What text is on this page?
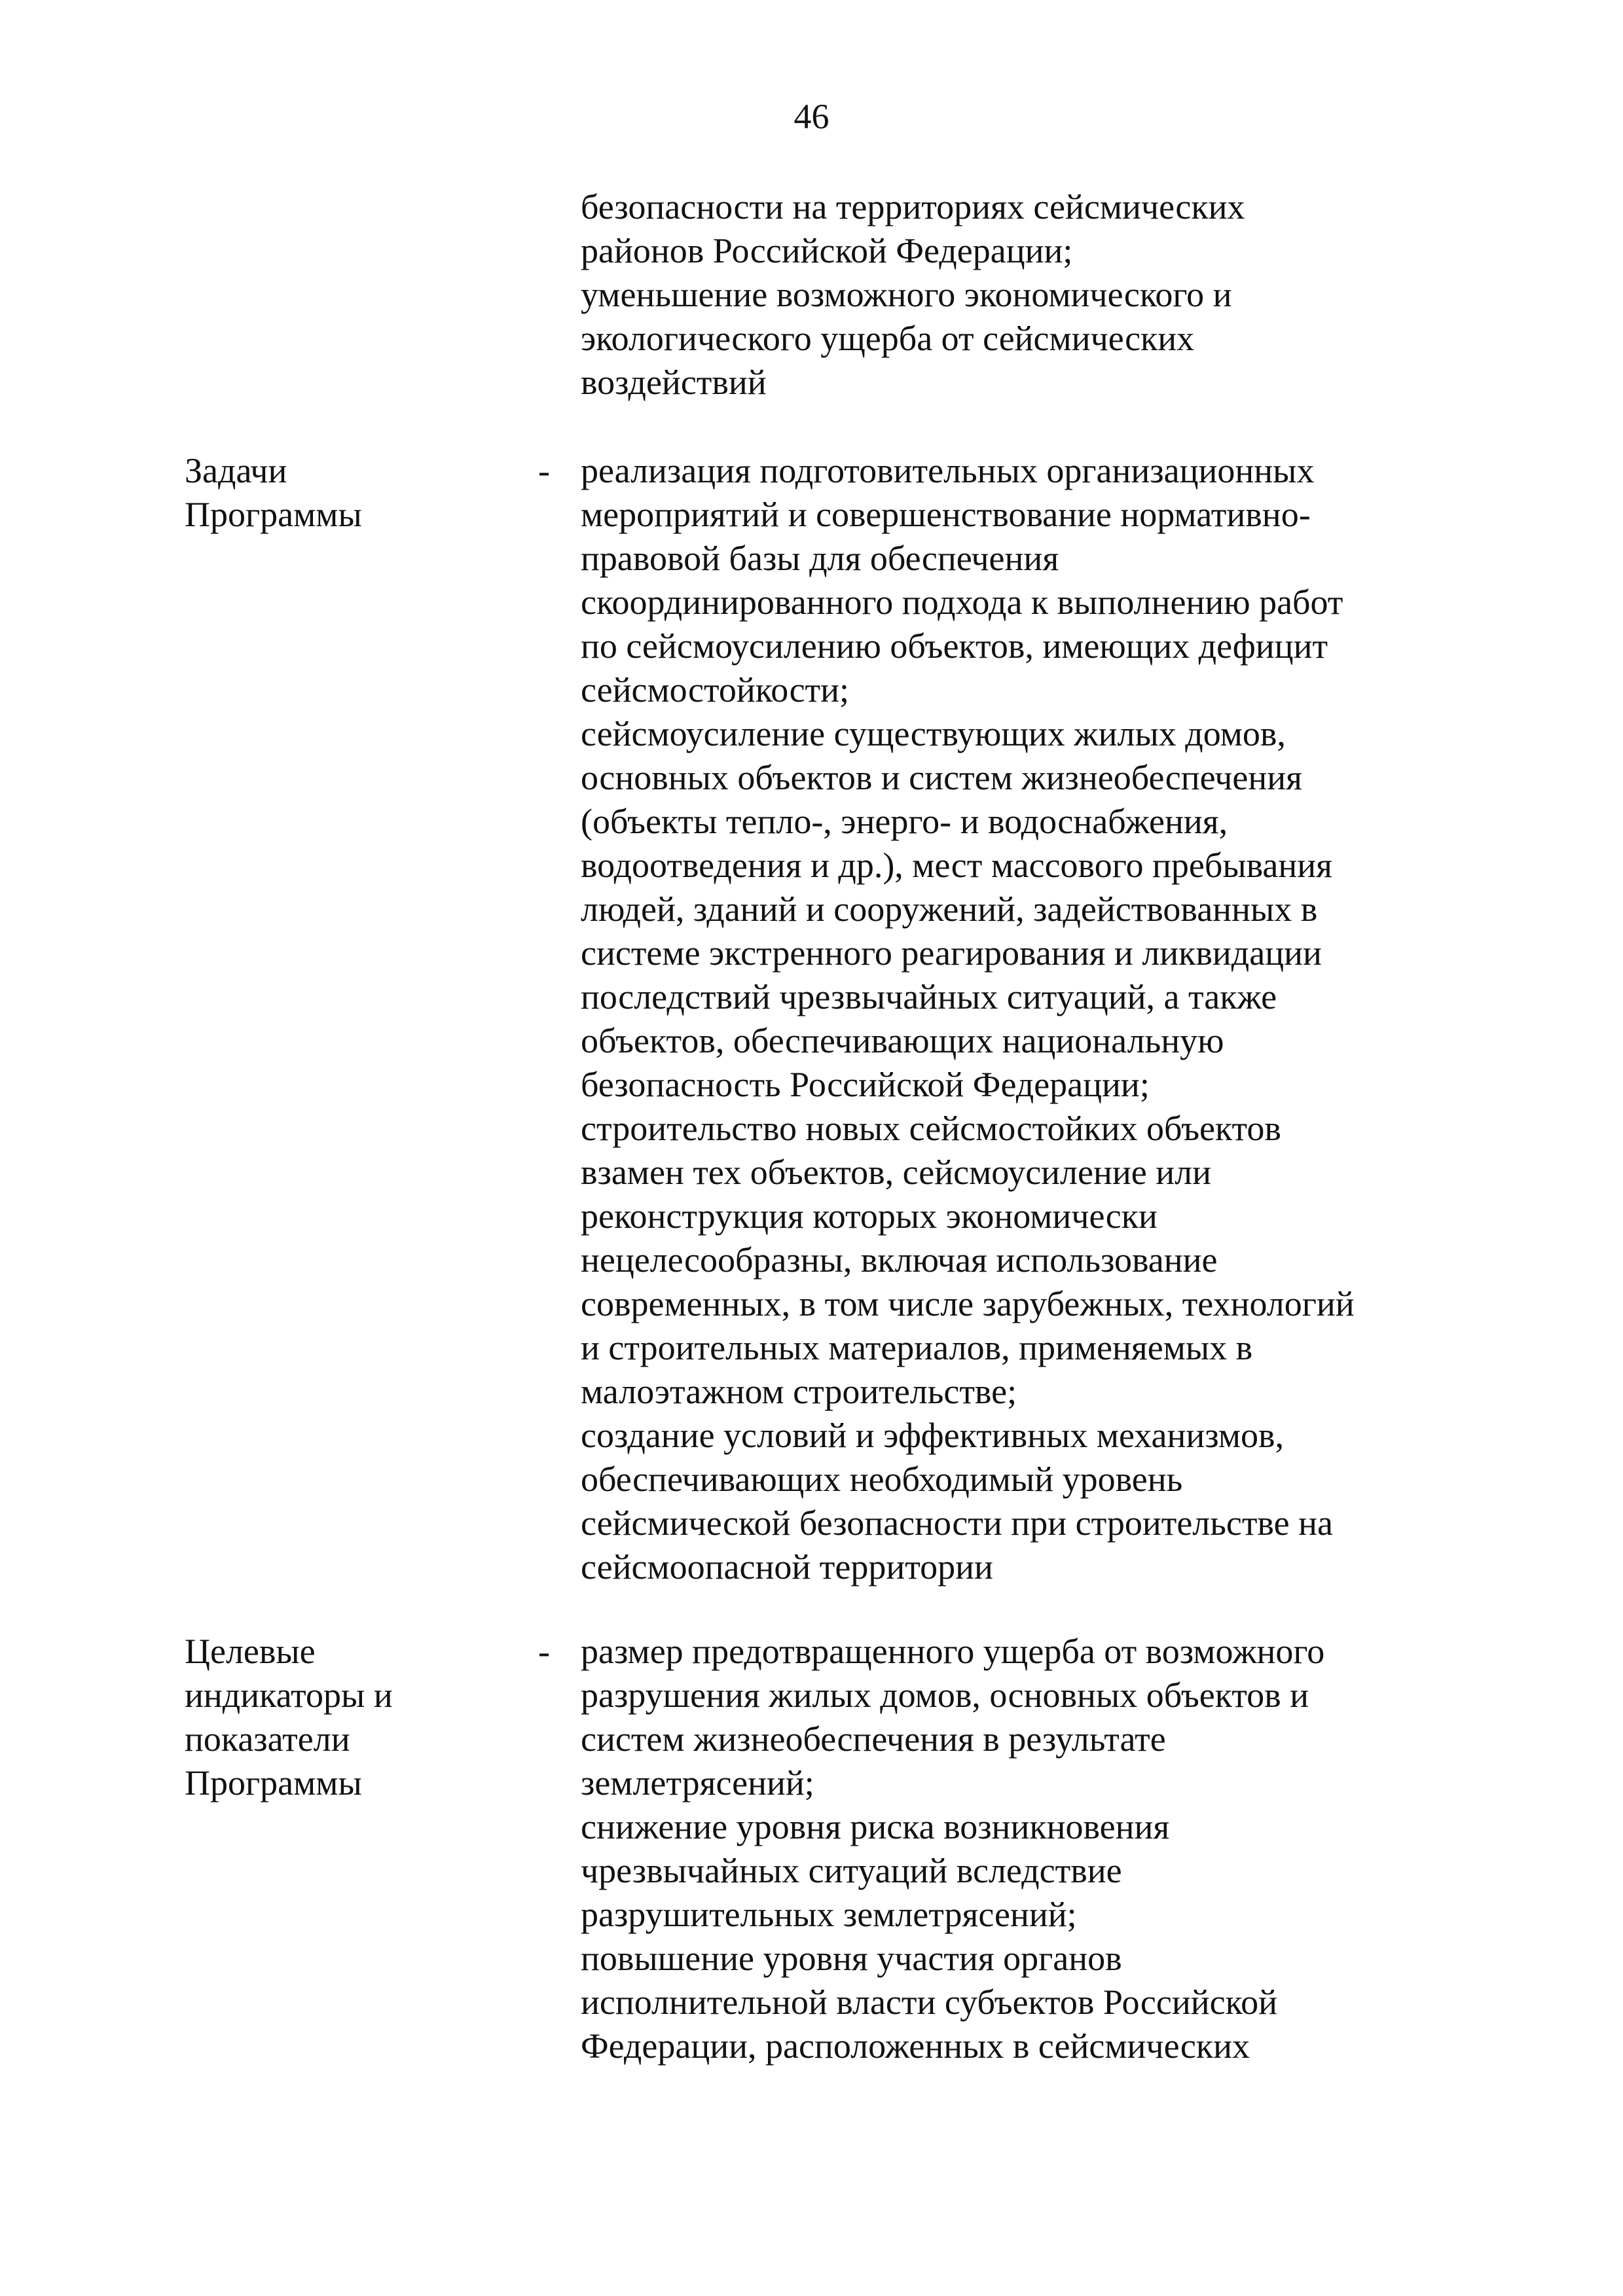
46
безопасности на территориях сейсмических
районов Российской Федерации;
уменьшение возможного экономического и
экологического ущерба от сейсмических
воздействий
Задачи
Программы
- реализация подготовительных организационных
мероприятий и совершенствование нормативно-
правовой базы для обеспечения
скоординированного подхода к выполнению работ
по сейсмоусилению объектов, имеющих дефицит
сейсмостойкости;
сейсмоусиление существующих жилых домов,
основных объектов и систем жизнеобеспечения
(объекты тепло-, энерго- и водоснабжения,
водоотведения и др.), мест массового пребывания
людей, зданий и сооружений, задействованных в
системе экстренного реагирования и ликвидации
последствий чрезвычайных ситуаций, а также
объектов, обеспечивающих национальную
безопасность Российской Федерации;
строительство новых сейсмостойких объектов
взамен тех объектов, сейсмоусиление или
реконструкция которых экономически
нецелесообразны, включая использование
современных, в том числе зарубежных, технологий
и строительных материалов, применяемых в
малоэтажном строительстве;
создание условий и эффективных механизмов,
обеспечивающих необходимый уровень
сейсмической безопасности при строительстве на
сейсмоопасной территории
Целевые
индикаторы и
показатели
Программы
- размер предотвращенного ущерба от возможного
разрушения жилых домов, основных объектов и
систем жизнеобеспечения в результате
землетрясений;
снижение уровня риска возникновения
чрезвычайных ситуаций вследствие
разрушительных землетрясений;
повышение уровня участия органов
исполнительной власти субъектов Российской
Федерации, расположенных в сейсмических
